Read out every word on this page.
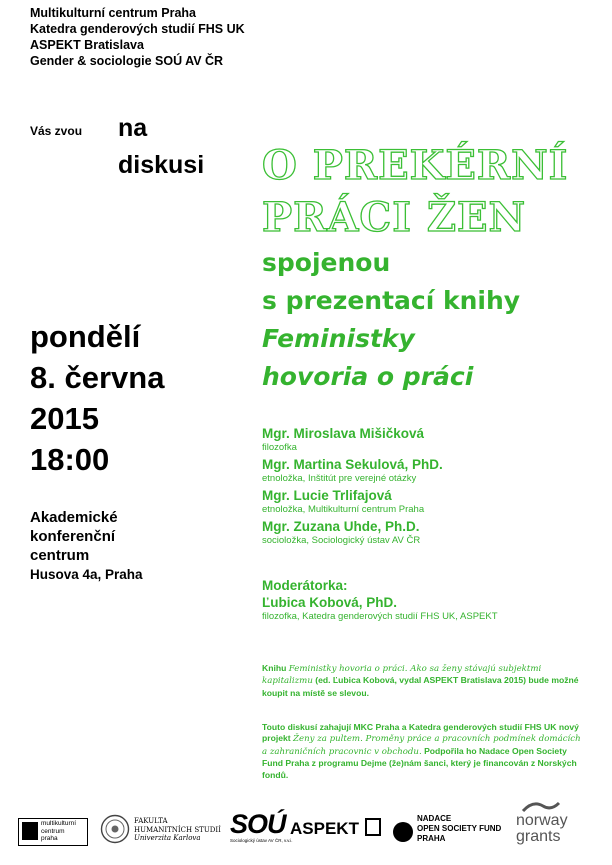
Multikulturní centrum Praha
Katedra genderových studií FHS UK
ASPEKT Bratislava
Gender & sociologie SOÚ AV ČR
Vás zvou na
diskusi O PREKÉRNÍ
PRÁCI ŽEN
spojenou
s prezentací knihy
Feministky
hovoria o práci
pondělí
8. června
2015
18:00
Akademické
konferenční
centrum
Husova 4a, Praha
Mgr. Miroslava Mišičková
filozofka
Mgr. Martina Sekulová, PhD.
etnoložka, Inštitút pre verejné otázky
Mgr. Lucie Trlifajová
etnoložka, Multikulturní centrum Praha
Mgr. Zuzana Uhde, Ph.D.
socioložka, Sociologický ústav AV ČR
Moderátorka:
Ľubica Kobová, PhD.
filozofka, Katedra genderových studií FHS UK, ASPEKT
Knihu Feministky hovoria o práci. Ako sa ženy stávajú subjektmi kapitalizmu (ed. Ľubica Kobová, vydal ASPEKT Bratislava 2015) bude možné koupit na místě se slevou.
Touto diskusí zahajují MKC Praha a Katedra genderových studií FHS UK nový projekt Ženy za pultem. Proměny práce a pracovních podmínek domácích a zahraničních pracovnic v obchodu. Podpořila ho Nadace Open Society Fund Praha z programu Dejme (že)nám šanci, který je financován z Norských fondů.
multikulturní
centrum
praha
FAKULTA
HUMANITNÍCH STUDIÍ
Univerzita Karlova	SOÚ
Sociologický ústav AV ČR, v.v.i.
ASPEKT
NADACE
OPEN SOCIETY FUND
PRAHA
norway
grants
